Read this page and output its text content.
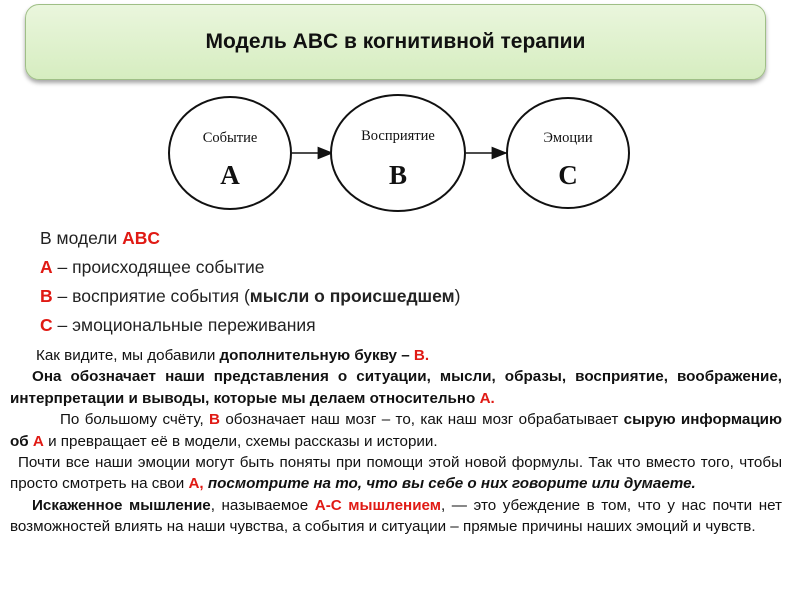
Модель ABC в когнитивной терапии
Событие
A
Восприятие
B
Эмоции
C
В модели ABC
A – происходящее событие
B – восприятие события (мысли о происшедшем)
C – эмоциональные переживания

Как видите, мы добавили дополнительную букву – B.

Она обозначает наши представления о ситуации, мысли, образы, восприятие, воображение, интерпретации и выводы, которые мы делаем относительно A.

По большому счёту, B обозначает наш мозг – то, как наш мозг обрабатывает сырую информацию об A и превращает её в модели, схемы рассказы и истории.

Почти все наши эмоции могут быть поняты при помощи этой новой формулы. Так что вместо того, чтобы просто смотреть на свои A, посмотрите на то, что вы себе о них говорите или думаете.

Искаженное мышление, называемое A-C мышлением, — это убеждение в том, что у нас почти нет возможностей влиять на наши чувства, а события и ситуации – прямые причины наших эмоций и чувств.
